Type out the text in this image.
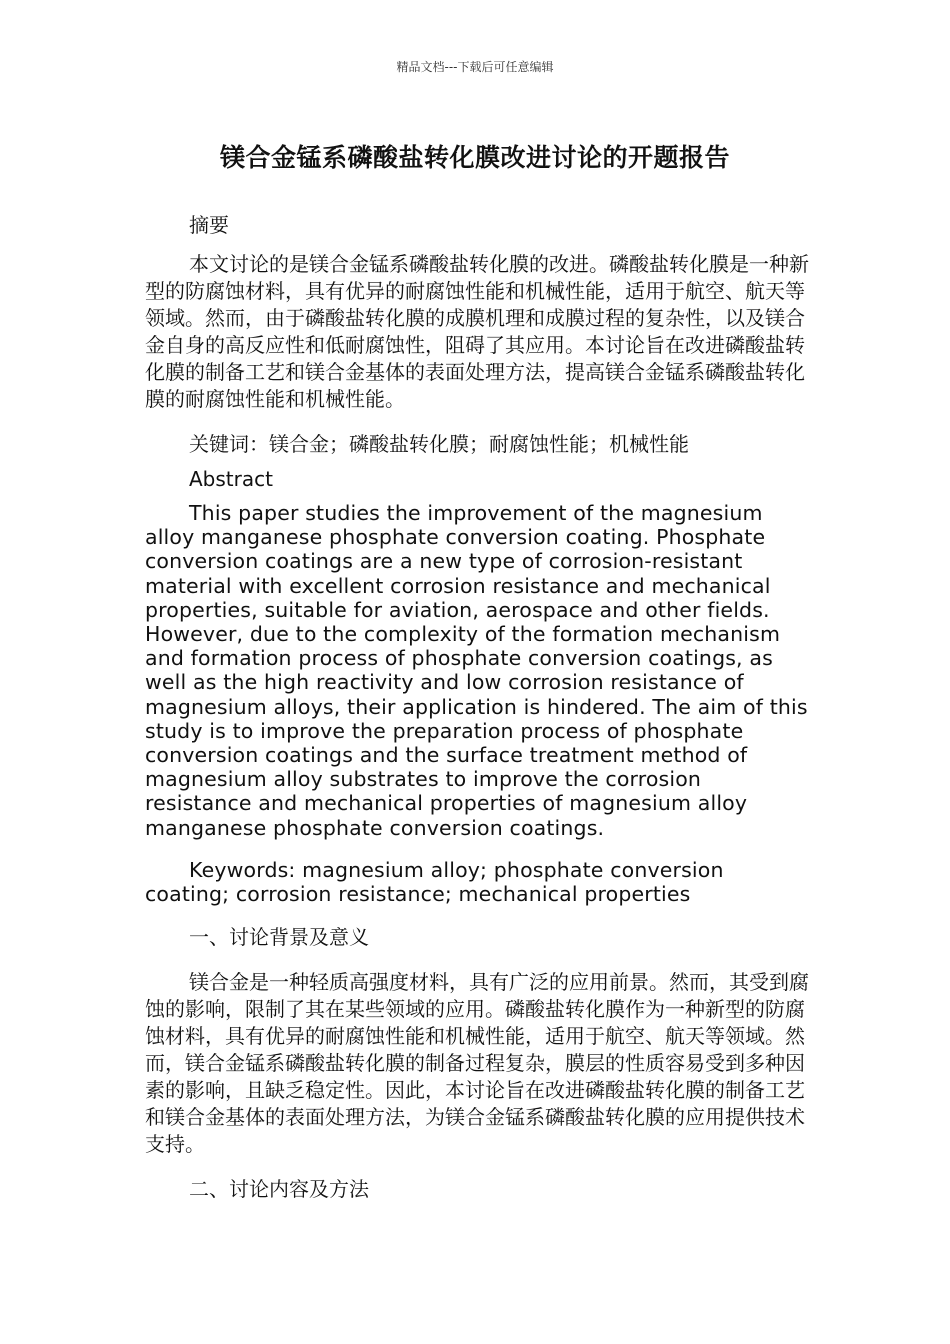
精品文档---下载后可任意编辑
镁合金锰系磷酸盐转化膜改进讨论的开题报告

摘要

本文讨论的是镁合金锰系磷酸盐转化膜的改进。磷酸盐转化膜是一种新型的防腐蚀材料，具有优异的耐腐蚀性能和机械性能，适用于航空、航天等领域。然而，由于磷酸盐转化膜的成膜机理和成膜过程的复杂性，以及镁合金自身的高反应性和低耐腐蚀性，阻碍了其应用。本讨论旨在改进磷酸盐转化膜的制备工艺和镁合金基体的表面处理方法，提高镁合金锰系磷酸盐转化膜的耐腐蚀性能和机械性能。

关键词：镁合金；磷酸盐转化膜；耐腐蚀性能；机械性能

Abstract

This paper studies the improvement of the magnesium alloy manganese phosphate conversion coating. Phosphate conversion coatings are a new type of corrosion-resistant material with excellent corrosion resistance and mechanical properties, suitable for aviation, aerospace and other fields. However, due to the complexity of the formation mechanism and formation process of phosphate conversion coatings, as well as the high reactivity and low corrosion resistance of magnesium alloys, their application is hindered. The aim of this study is to improve the preparation process of phosphate conversion coatings and the surface treatment method of magnesium alloy substrates to improve the corrosion resistance and mechanical properties of magnesium alloy manganese phosphate conversion coatings.

Keywords: magnesium alloy; phosphate conversion coating; corrosion resistance; mechanical properties

一、讨论背景及意义

镁合金是一种轻质高强度材料，具有广泛的应用前景。然而，其受到腐蚀的影响，限制了其在某些领域的应用。磷酸盐转化膜作为一种新型的防腐蚀材料，具有优异的耐腐蚀性能和机械性能，适用于航空、航天等领域。然而，镁合金锰系磷酸盐转化膜的制备过程复杂，膜层的性质容易受到多种因素的影响，且缺乏稳定性。因此，本讨论旨在改进磷酸盐转化膜的制备工艺和镁合金基体的表面处理方法，为镁合金锰系磷酸盐转化膜的应用提供技术支持。

二、讨论内容及方法
